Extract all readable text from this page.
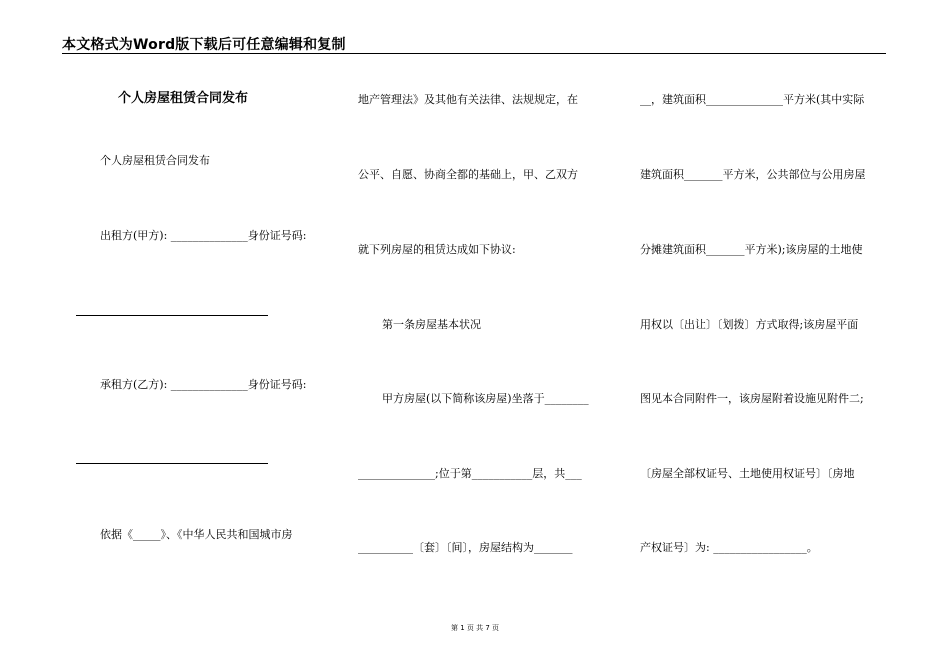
本文格式为Word版下载后可任意编辑和复制
个人房屋租赁合同发布
个人房屋租赁合同发布
出租方(甲方): ______________身份证号码:
承租方(乙方): ______________身份证号码:
依据《_____》、《中华人民共和国城市房
地产管理法》及其他有关法律、法规规定，在
公平、自愿、协商全都的基础上，甲、乙双方
就下列房屋的租赁达成如下协议:
第一条房屋基本状况
甲方房屋(以下简称该房屋)坐落于________
______________;位于第___________层，共___
__________〔套〕〔间〕，房屋结构为_______
__，建筑面积______________平方米(其中实际
建筑面积_______平方米，公共部位与公用房屋
分摊建筑面积_______平方米);该房屋的土地使
用权以〔出让〕〔划拨〕方式取得;该房屋平面
图见本合同附件一，该房屋附着设施见附件二;
〔房屋全部权证号、土地使用权证号〕〔房地
产权证号〕为: _________________。
第 1 页 共 7 页
